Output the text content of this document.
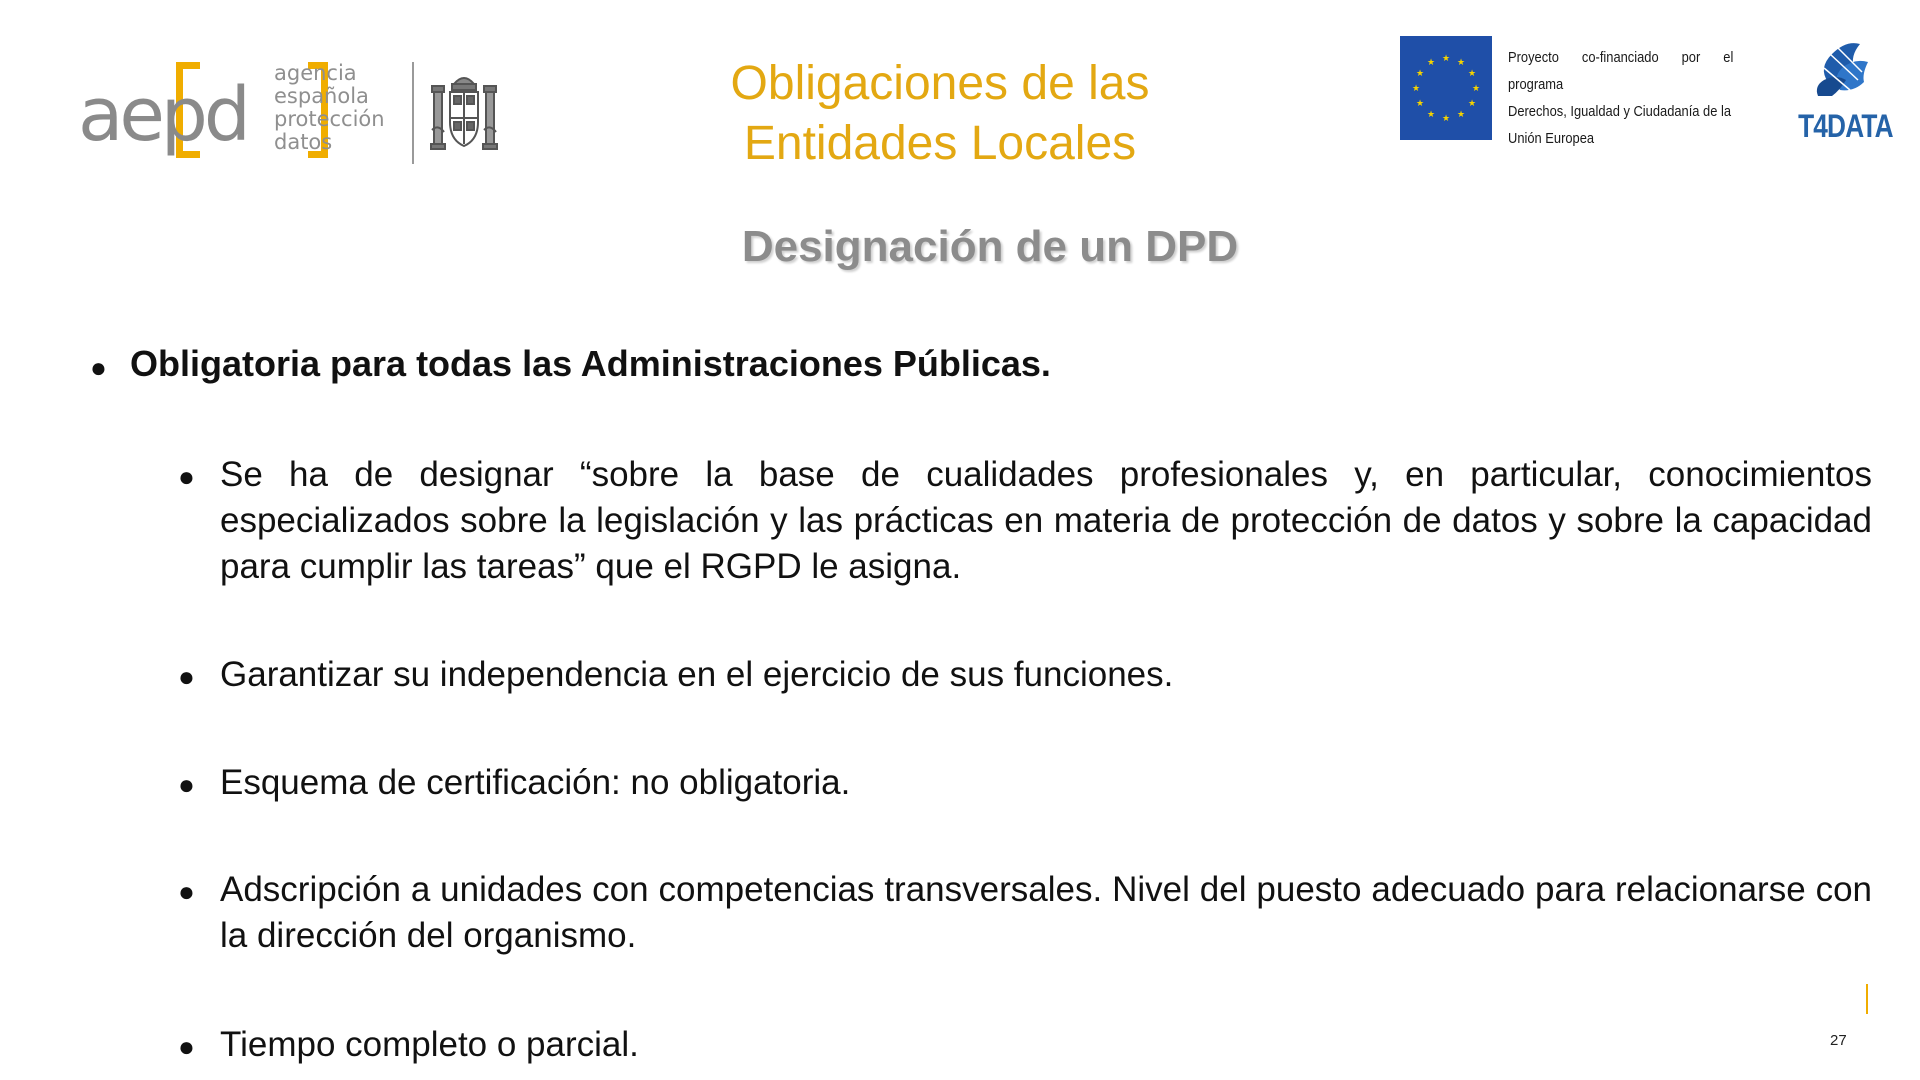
aepd agencia
española
protección
datos
Obligaciones de las
Entidades Locales
★ ★
★
★
★
★
★
★
★
★
★
★	Proyecto co-financiado por el programa
Derechos, Igualdad y Ciudadanía de la
Unión Europea	T4DATA
Designación de un DPD
● Obligatoria para todas las Administraciones Públicas.
● Se ha de designar “sobre la base de cualidades profesionales y, en particular, conocimientos especializados sobre la legislación y las prácticas en materia de protección de datos y sobre la capacidad para cumplir las tareas” que el RGPD le asigna.
● Garantizar su independencia en el ejercicio de sus funciones.
● Esquema de certificación: no obligatoria.
● Adscripción a unidades con competencias transversales. Nivel del puesto adecuado para relacionarse con la dirección del organismo.
● Tiempo completo o parcial.	27
